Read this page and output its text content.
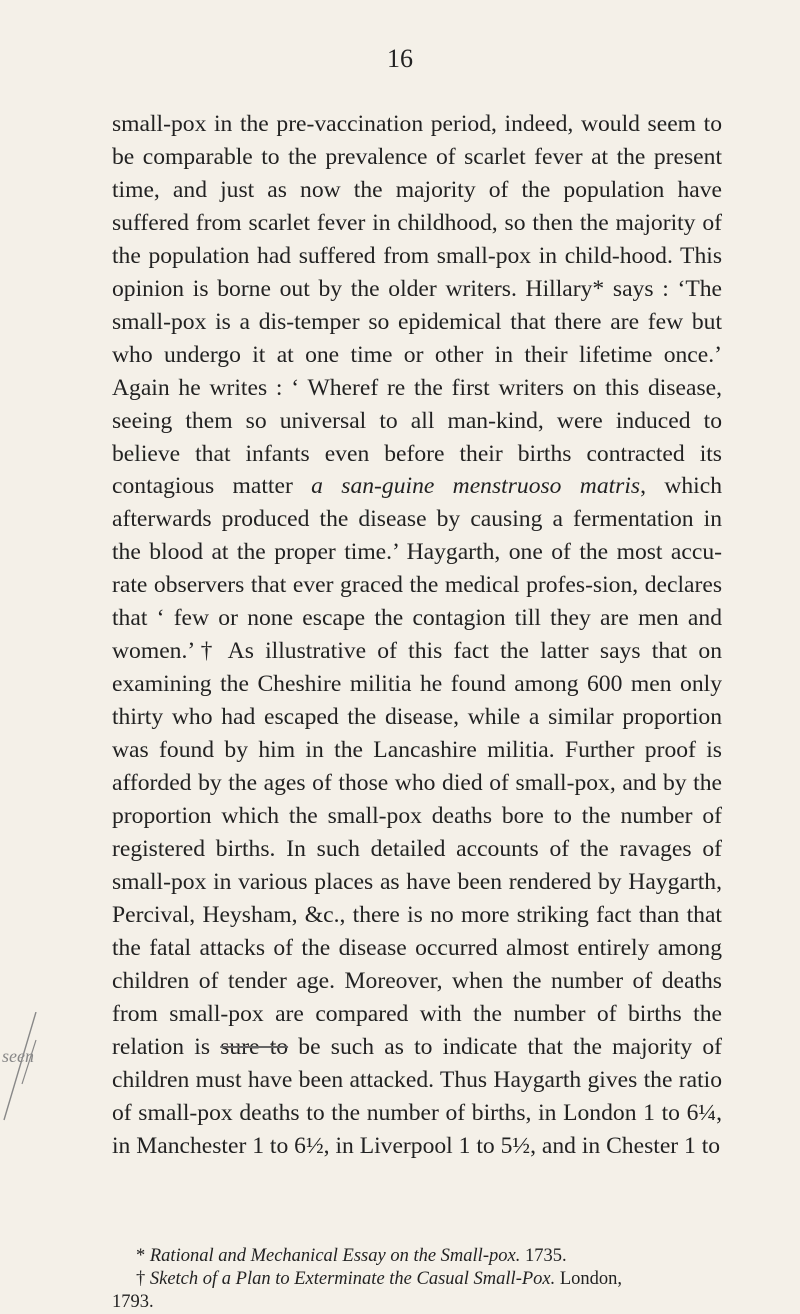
16

small-pox in the pre-vaccination period, indeed, would seem to be comparable to the prevalence of scarlet fever at the present time, and just as now the majority of the population have suffered from scarlet fever in childhood, so then the majority of the population had suffered from small-pox in child-hood. This opinion is borne out by the older writers. Hillary* says : ‘The small-pox is a dis-temper so epidemical that there are few but who undergo it at one time or other in their lifetime once.’ Again he writes : ‘ Wheref re the first writers on this disease, seeing them so universal to all man-kind, were induced to believe that infants even before their births contracted its contagious matter a san-guine menstruoso matris, which afterwards produced the disease by causing a fermentation in the blood at the proper time.’ Haygarth, one of the most accu-rate observers that ever graced the medical profes-sion, declares that ‘ few or none escape the contagion till they are men and women.’† As illustrative of this fact the latter says that on examining the Cheshire militia he found among 600 men only thirty who had escaped the disease, while a similar proportion was found by him in the Lancashire militia. Further proof is afforded by the ages of those who died of small-pox, and by the proportion which the small-pox deaths bore to the number of registered births. In such detailed accounts of the ravages of small-pox in various places as have been rendered by Haygarth, Percival, Heysham, &c., there is no more striking fact than that the fatal attacks of the disease occurred almost entirely among children of tender age. Moreover, when the number of deaths from small-pox are compared with the number of births the relation is sure to be such as to indicate that the majority of children must have been attacked. Thus Haygarth gives the ratio of small-pox deaths to the number of births, in London 1 to 6¼, in Manchester 1 to 6½, in Liverpool 1 to 5½, and in Chester 1 to

seen

* Rational and Mechanical Essay on the Small-pox. 1735.

† Sketch of a Plan to Exterminate the Casual Small-Pox. London,

1793.
